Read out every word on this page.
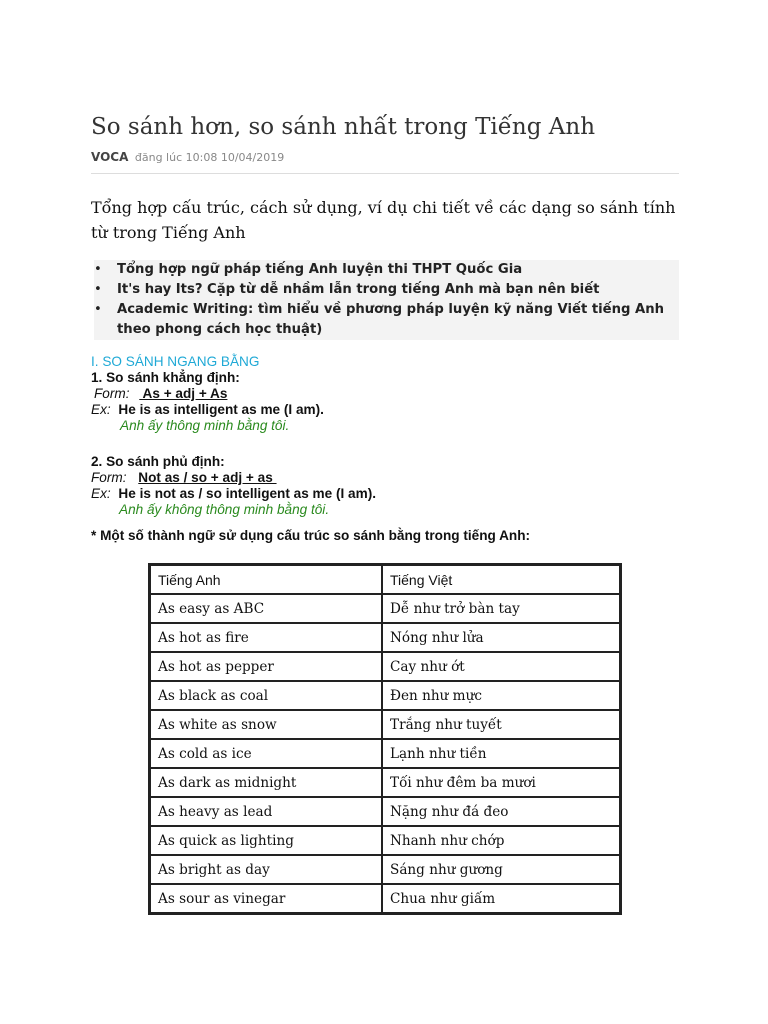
So sánh hơn, so sánh nhất trong Tiếng Anh
VOCA đăng lúc 10:08 10/04/2019
Tổng hợp cấu trúc, cách sử dụng, ví dụ chi tiết về các dạng so sánh tính từ trong Tiếng Anh
• Tổng hợp ngữ pháp tiếng Anh luyện thi THPT Quốc Gia
• It's hay Its? Cặp từ dễ nhầm lẫn trong tiếng Anh mà bạn nên biết
• Academic Writing: tìm hiểu về phương pháp luyện kỹ năng Viết tiếng Anh theo phong cách học thuật)
I. SO SÁNH NGANG BẰNG
1. So sánh khẳng định:
Form:  As + adj + As
Ex: He is as intelligent as me (I am).
Anh ấy thông minh bằng tôi.
2. So sánh phủ định:
Form: Not as / so + adj + as
Ex: He is not as / so intelligent as me (I am).
Anh ấy không thông minh bằng tôi.
* Một số thành ngữ sử dụng cấu trúc so sánh bằng trong tiếng Anh:
Tiếng Anh	Tiếng Việt
As easy as ABC	Dễ như trở bàn tay
As hot as fire	Nóng như lửa
As hot as pepper	Cay như ớt
As black as coal	Đen như mực
As white as snow	Trắng như tuyết
As cold as ice	Lạnh như tiền
As dark as midnight	Tối như đêm ba mươi
As heavy as lead	Nặng như đá đeo
As quick as lighting	Nhanh như chớp
As bright as day	Sáng như gương
As sour as vinegar	Chua như giấm
